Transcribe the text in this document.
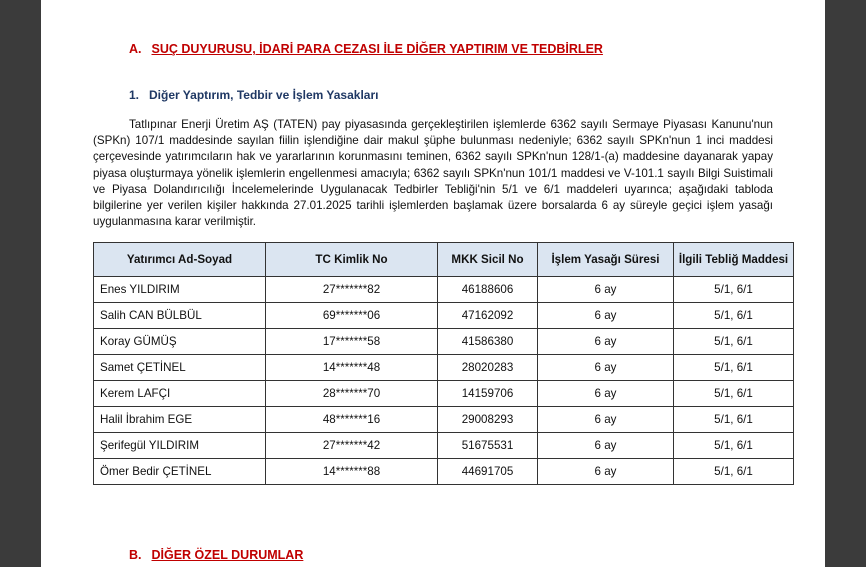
A. SUÇ DUYURUSU, İDARİ PARA CEZASI İLE DİĞER YAPTIRIM VE TEDBİRLER
1. Diğer Yaptırım, Tedbir ve İşlem Yasakları
Tatlıpınar Enerji Üretim AŞ (TATEN) pay piyasasında gerçekleştirilen işlemlerde 6362 sayılı Sermaye Piyasası Kanunu'nun (SPKn) 107/1 maddesinde sayılan fiilin işlendiğine dair makul şüphe bulunması nedeniyle; 6362 sayılı SPKn'nun 1 inci maddesi çerçevesinde yatırımcıların hak ve yararlarının korunmasını teminen, 6362 sayılı SPKn'nun 128/1-(a) maddesine dayanarak yapay piyasa oluşturmaya yönelik işlemlerin engellenmesi amacıyla; 6362 sayılı SPKn'nun 101/1 maddesi ve V-101.1 sayılı Bilgi Suistimali ve Piyasa Dolandırıcılığı İncelemelerinde Uygulanacak Tedbirler Tebliği'nin 5/1 ve 6/1 maddeleri uyarınca; aşağıdaki tabloda bilgilerine yer verilen kişiler hakkında 27.01.2025 tarihli işlemlerden başlamak üzere borsalarda 6 ay süreyle geçici işlem yasağı uygulanmasına karar verilmiştir.
Yatırımcı Ad-Soyad	TC Kimlik No	MKK Sicil No	İşlem Yasağı Süresi	İlgili Tebliğ Maddesi
Enes YILDIRIM	27*******82	46188606	6 ay	5/1, 6/1
Salih CAN BÜLBÜL	69*******06	47162092	6 ay	5/1, 6/1
Koray GÜMÜŞ	17*******58	41586380	6 ay	5/1, 6/1
Samet ÇETİNEL	14*******48	28020283	6 ay	5/1, 6/1
Kerem LAFÇI	28*******70	14159706	6 ay	5/1, 6/1
Halil İbrahim EGE	48*******16	29008293	6 ay	5/1, 6/1
Şerifegül YILDIRIM	27*******42	51675531	6 ay	5/1, 6/1
Ömer Bedir ÇETİNEL	14*******88	44691705	6 ay	5/1, 6/1
B. DİĞER ÖZEL DURUMLAR
